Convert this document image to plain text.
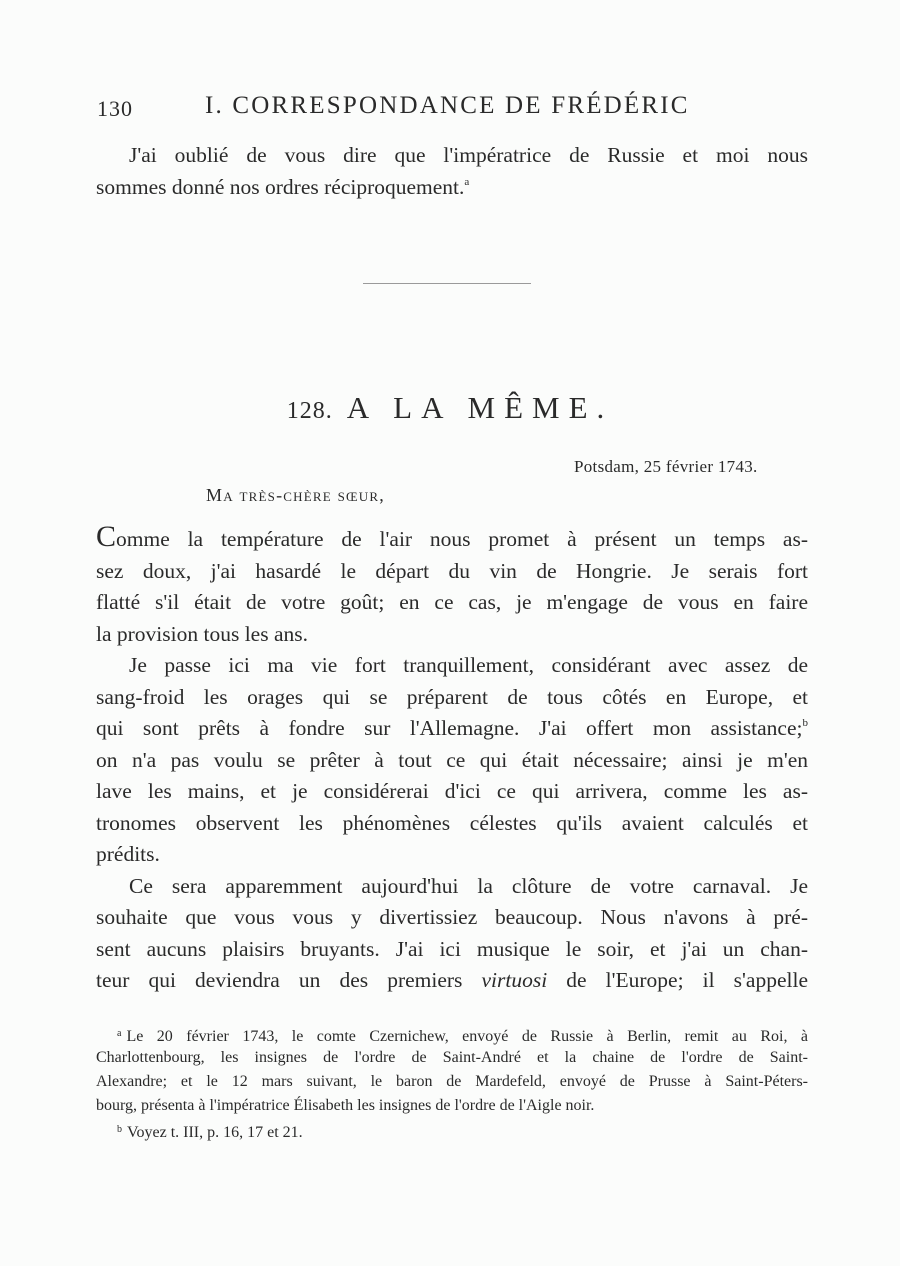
130	I. CORRESPONDANCE DE FRÉDÉRIC
J'ai oublié de vous dire que l'impératrice de Russie et moi nous
sommes donné nos ordres réciproquement.$^a$
128. A LA MÊME.
Potsdam, 25 février 1743.
Ma très-chère sœur,
Comme la température de l'air nous promet à présent un temps as-
sez doux, j'ai hasardé le départ du vin de Hongrie. Je serais fort
flatté s'il était de votre goût; en ce cas, je m'engage de vous en faire
la provision tous les ans.
Je passe ici ma vie fort tranquillement, considérant avec assez de
sang-froid les orages qui se préparent de tous côtés en Europe, et
qui sont prêts à fondre sur l'Allemagne. J'ai offert mon assistance;$^b$
on n'a pas voulu se prêter à tout ce qui était nécessaire; ainsi je m'en
lave les mains, et je considérerai d'ici ce qui arrivera, comme les as-
tronomes observent les phénomènes célestes qu'ils avaient calculés et
prédits.
Ce sera apparemment aujourd'hui la clôture de votre carnaval. Je
souhaite que vous vous y divertissiez beaucoup. Nous n'avons à pré-
sent aucuns plaisirs bruyants. J'ai ici musique le soir, et j'ai un chan-
teur qui deviendra un des premiers virtuosi de l'Europe; il s'appelle
$^a$ Le 20 février 1743, le comte Czernichew, envoyé de Russie à Berlin, remit au Roi, à
Charlottenbourg, les insignes de l'ordre de Saint-André et la chaine de l'ordre de Saint-
Alexandre; et le 12 mars suivant, le baron de Mardefeld, envoyé de Prusse à Saint-Péters-
bourg, présenta à l'impératrice Élisabeth les insignes de l'ordre de l'Aigle noir.
$^b$ Voyez t. III, p. 16, 17 et 21.
